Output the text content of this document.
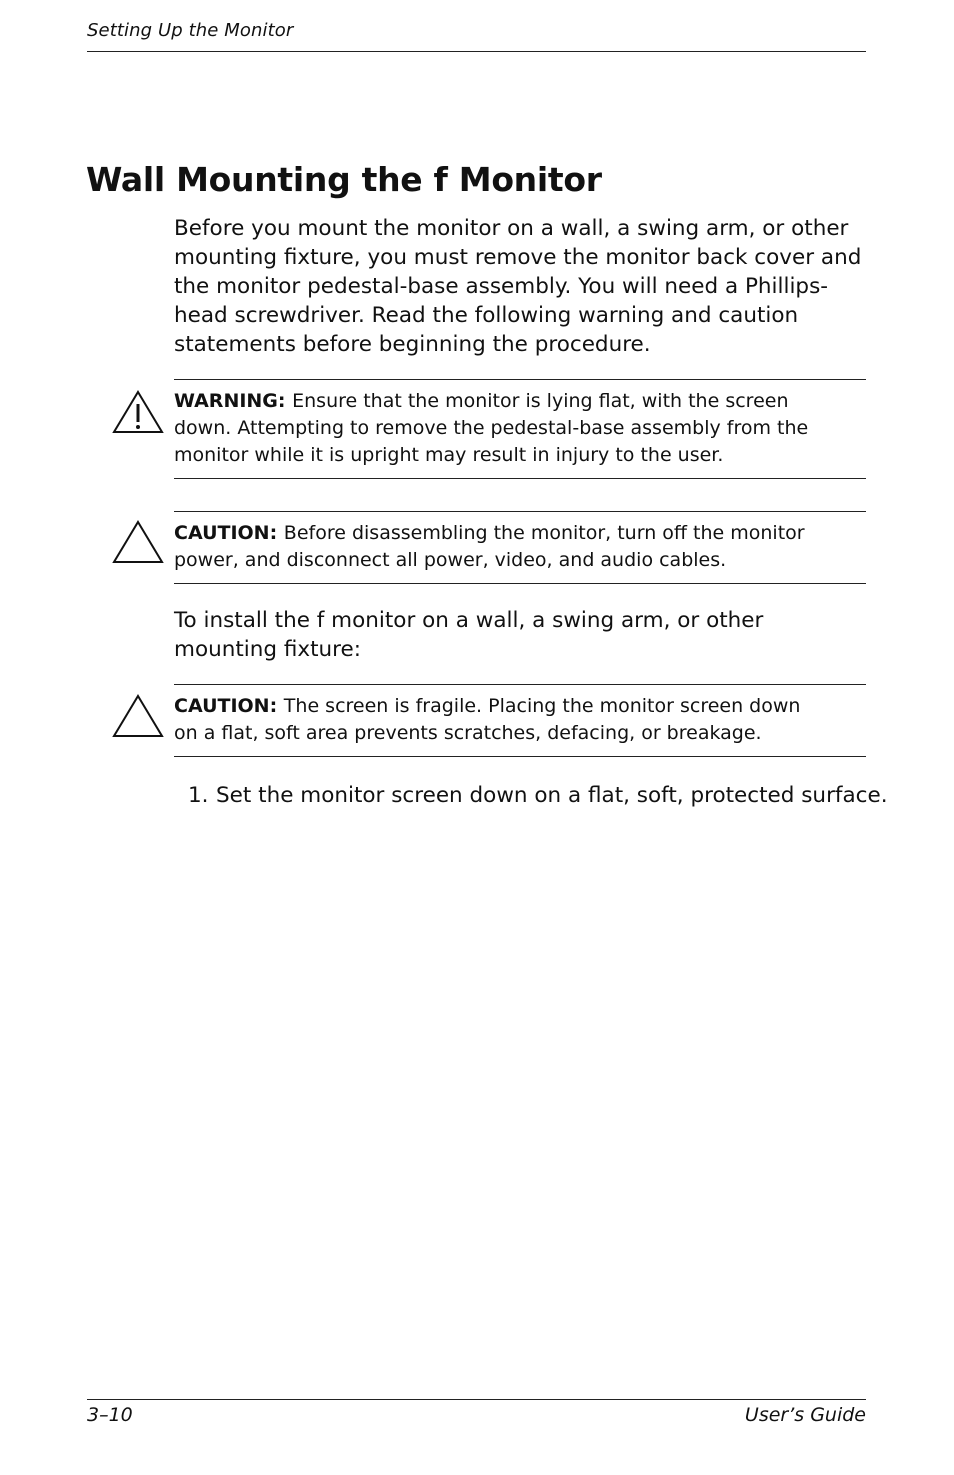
Setting Up the Monitor
Wall Mounting the f Monitor

Before you mount the monitor on a wall, a swing arm, or other mounting fixture, you must remove the monitor back cover and the monitor pedestal-base assembly. You will need a Phillips-head screwdriver. Read the following warning and caution statements before beginning the procedure.

WARNING: Ensure that the monitor is lying flat, with the screen down. Attempting to remove the pedestal-base assembly from the monitor while it is upright may result in injury to the user.

CAUTION: Before disassembling the monitor, turn off the monitor power, and disconnect all power, video, and audio cables.

To install the f monitor on a wall, a swing arm, or other mounting fixture:

CAUTION: The screen is fragile. Placing the monitor screen down on a flat, soft area prevents scratches, defacing, or breakage.

1. Set the monitor screen down on a flat, soft, protected surface.
3–10	User’s Guide
